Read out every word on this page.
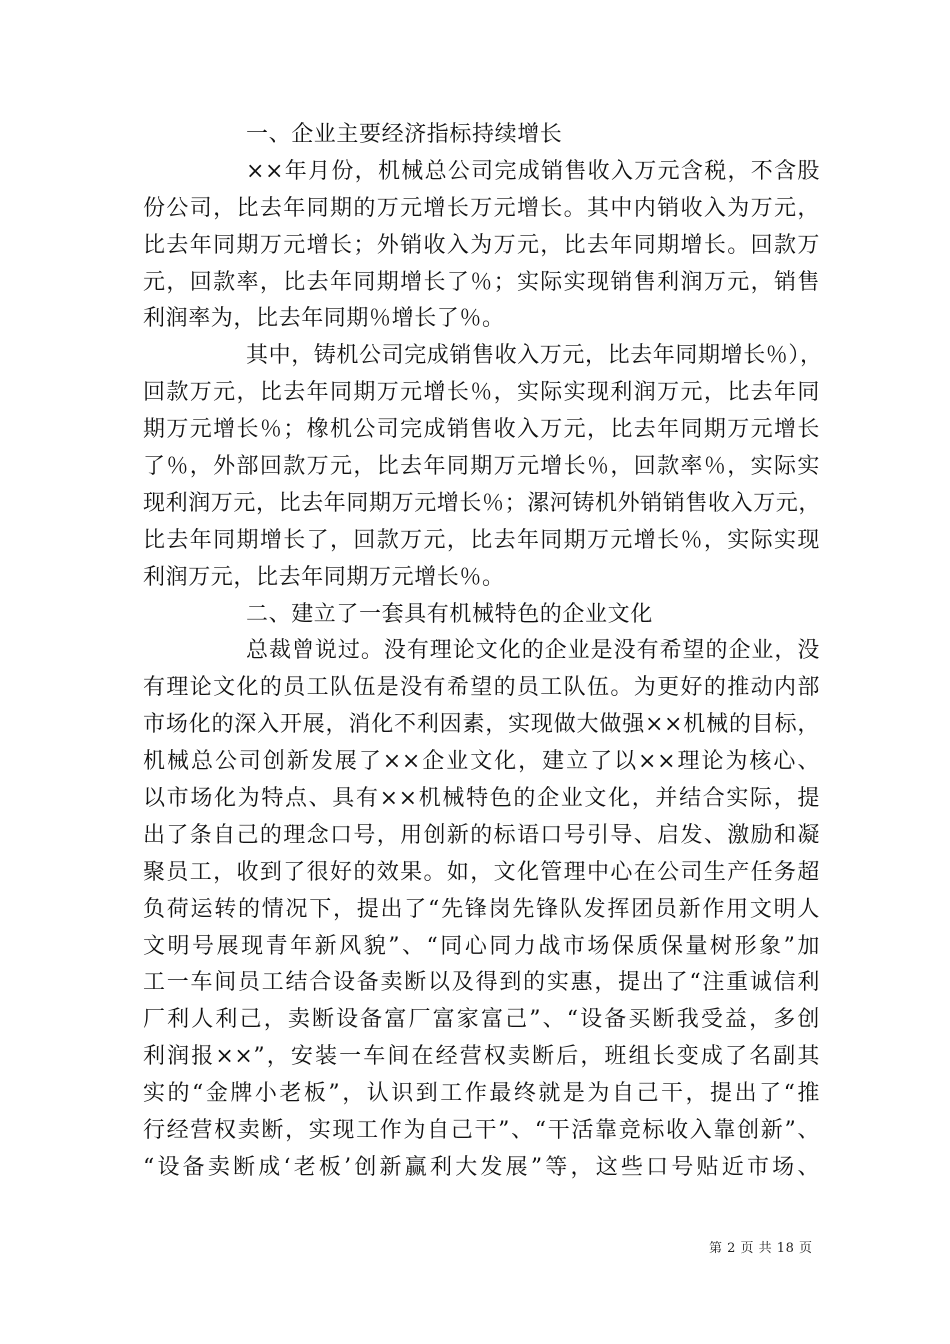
一、企业主要经济指标持续增长
××年月份，机械总公司完成销售收入万元含税，不含股
份公司，比去年同期的万元增长万元增长。其中内销收入为万元，
比去年同期万元增长；外销收入为万元，比去年同期增长。回款万
元，回款率，比去年同期增长了％；实际实现销售利润万元，销售
利润率为，比去年同期％增长了％。
其中，铸机公司完成销售收入万元，比去年同期增长％），
回款万元，比去年同期万元增长％，实际实现利润万元，比去年同
期万元增长％；橡机公司完成销售收入万元，比去年同期万元增长
了％，外部回款万元，比去年同期万元增长％，回款率％，实际实
现利润万元，比去年同期万元增长％；漯河铸机外销销售收入万元，
比去年同期增长了，回款万元，比去年同期万元增长％，实际实现
利润万元，比去年同期万元增长％。
二、建立了一套具有机械特色的企业文化
总裁曾说过。没有理论文化的企业是没有希望的企业，没
有理论文化的员工队伍是没有希望的员工队伍。为更好的推动内部
市场化的深入开展，消化不利因素，实现做大做强××机械的目标，
机械总公司创新发展了××企业文化，建立了以××理论为核心、
以市场化为特点、具有××机械特色的企业文化，并结合实际，提
出了条自己的理念口号，用创新的标语口号引导、启发、激励和凝
聚员工，收到了很好的效果。如，文化管理中心在公司生产任务超
负荷运转的情况下，提出了“先锋岗先锋队发挥团员新作用文明人
文明号展现青年新风貌”、“同心同力战市场保质保量树形象”加
工一车间员工结合设备卖断以及得到的实惠，提出了“注重诚信利
厂利人利己，卖断设备富厂富家富己”、“设备买断我受益，多创
利润报××”，安装一车间在经营权卖断后，班组长变成了名副其
实的“金牌小老板”，认识到工作最终就是为自己干，提出了“推
行经营权卖断，实现工作为自己干”、“干活靠竞标收入靠创新”、
“设备卖断成‘老板’创新赢利大发展”等，这些口号贴近市场、
第 2 页 共 18 页
